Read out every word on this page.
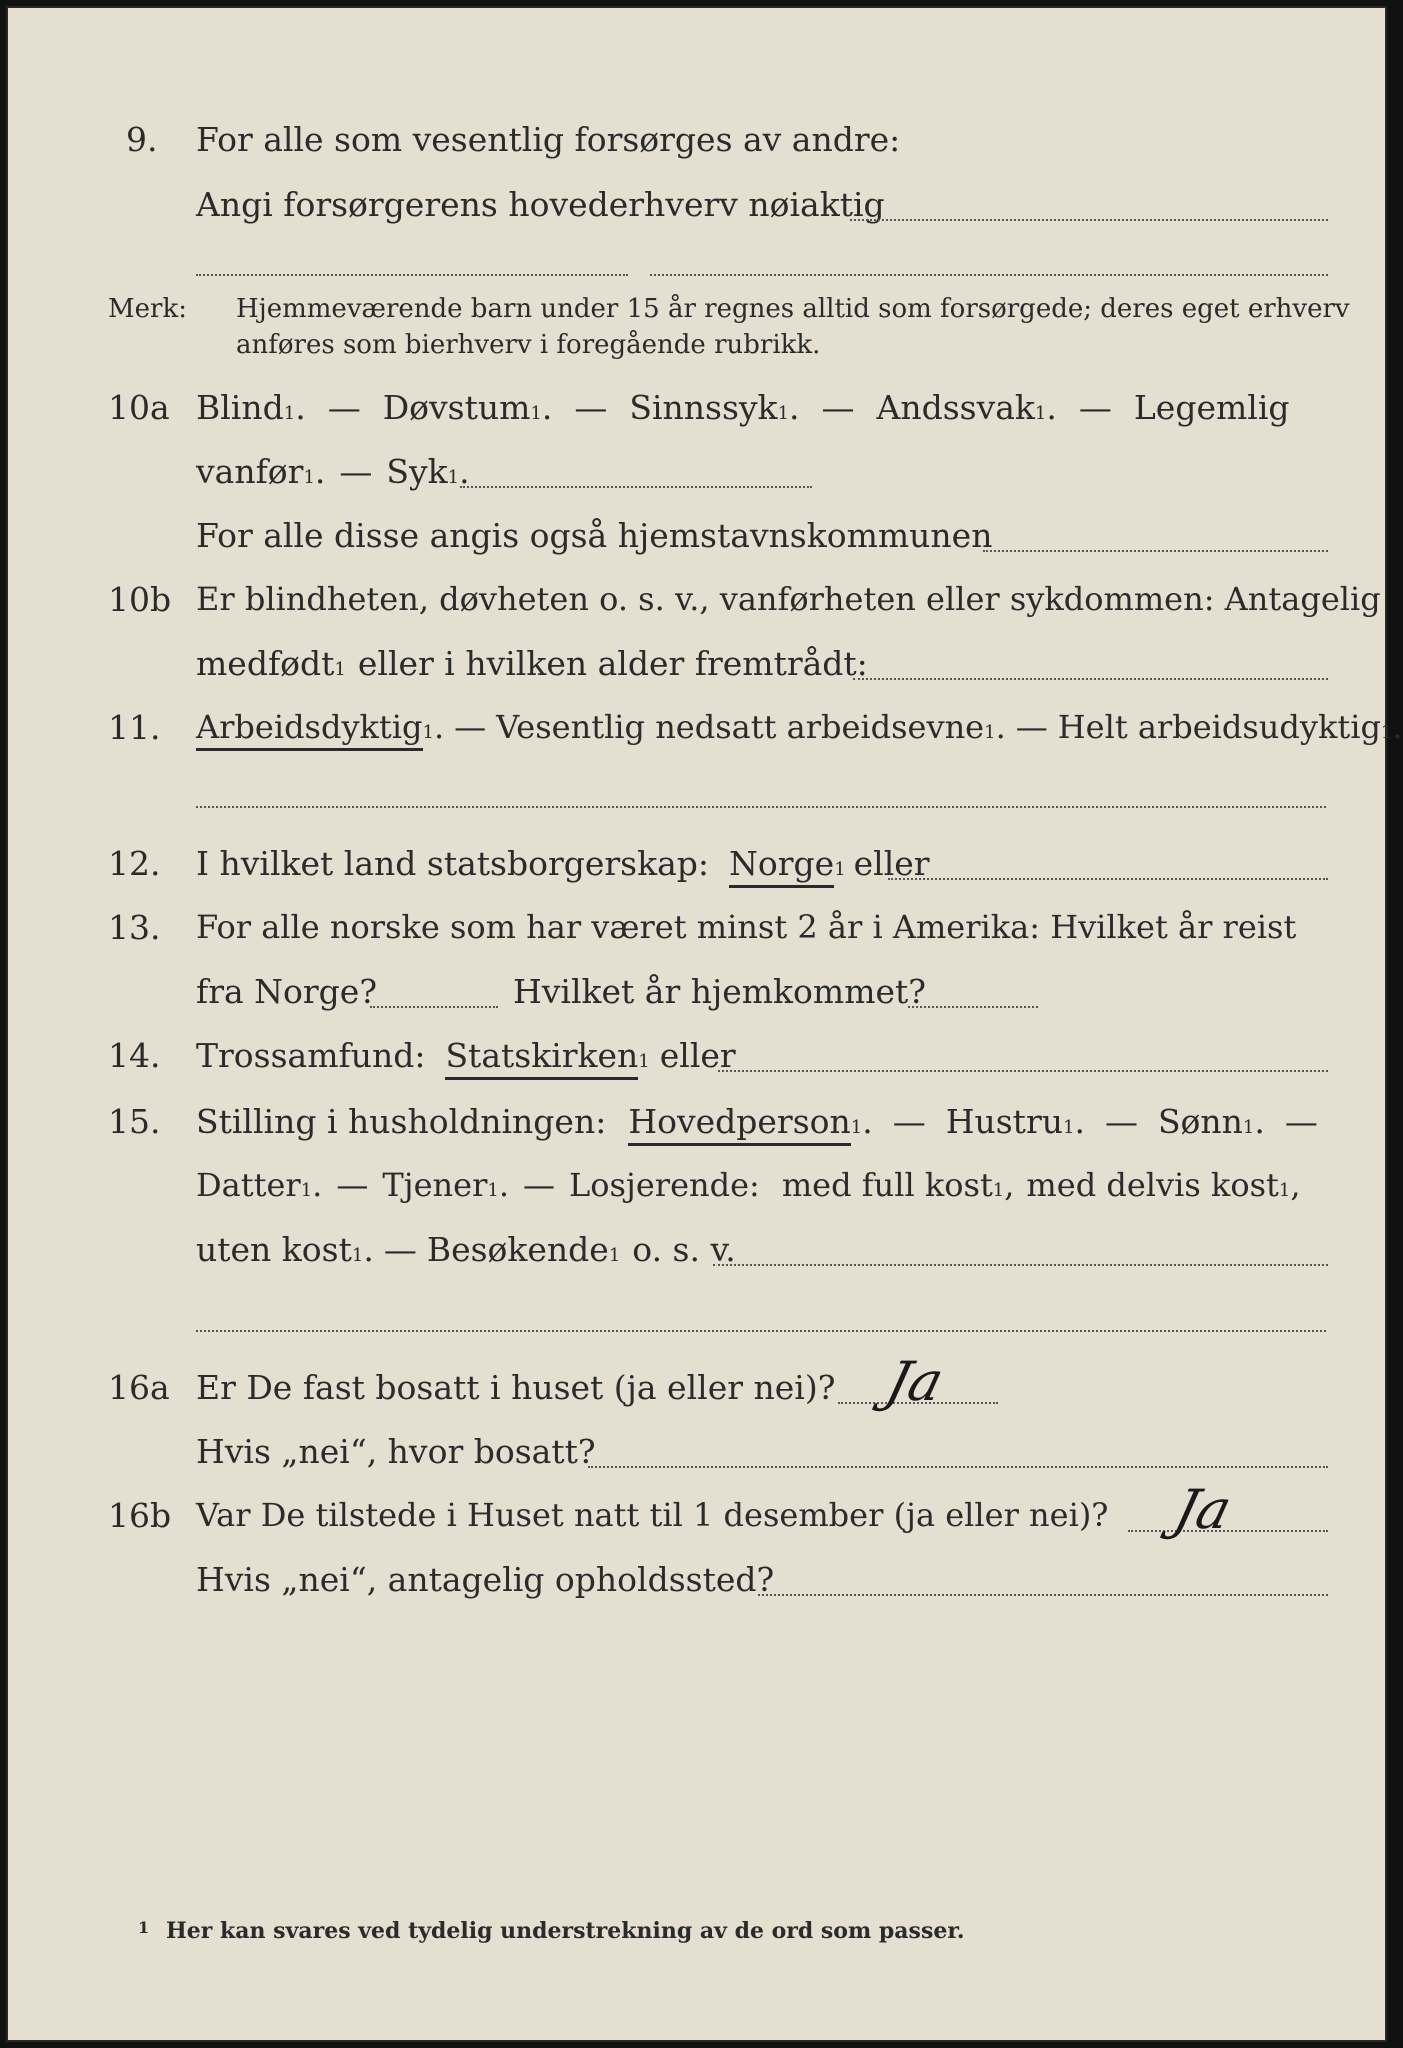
9.	For alle som vesentlig forsørges av andre:
Angi forsørgerens hovederhverv nøiaktig
Merk: Hjemmeværende barn under 15 år regnes alltid som forsørgede; deres eget erhverv
anføres som bierhverv i foregående rubrikk.
10a Blind 1 . — Døvstum 1 . — Sinnssyk 1 . — Andssvak 1 . — Legemlig
vanfør 1 . — Syk 1 .
For alle disse angis også hjemstavnskommunen
10b Er blindheten, døvheten o. s. v., vanførheten eller sykdommen: Antagelig
medfødt 1 eller i hvilken alder fremtrådt:
11.	Arbeidsdyktig 1 . — Vesentlig nedsatt arbeidsevne 1 . — Helt arbeidsudyktig 1 .
12.	I hvilket land statsborgerskap: Norge 1 eller
13.	For alle norske som har været minst 2 år i Amerika: Hvilket år reist
fra Norge?	Hvilket år hjemkommet?
14.	Trossamfund: Statskirken 1 eller
15.	Stilling i husholdningen: Hovedperson 1 . — Hustru 1 . — Sønn 1 . —
Datter 1 . — Tjener 1 . — Losjerende: med full kost 1 , med delvis kost 1 ,
uten kost 1 . — Besøkende 1 o. s. v.
16a Er De fast bosatt i huset (ja eller nei)? Ja
Hvis „nei“, hvor bosatt?
16b Var De tilstede i Huset natt til 1 desember (ja eller nei)? Ja
Hvis „nei“, antagelig opholdssted?
1 Her kan svares ved tydelig understrekning av de ord som passer.
